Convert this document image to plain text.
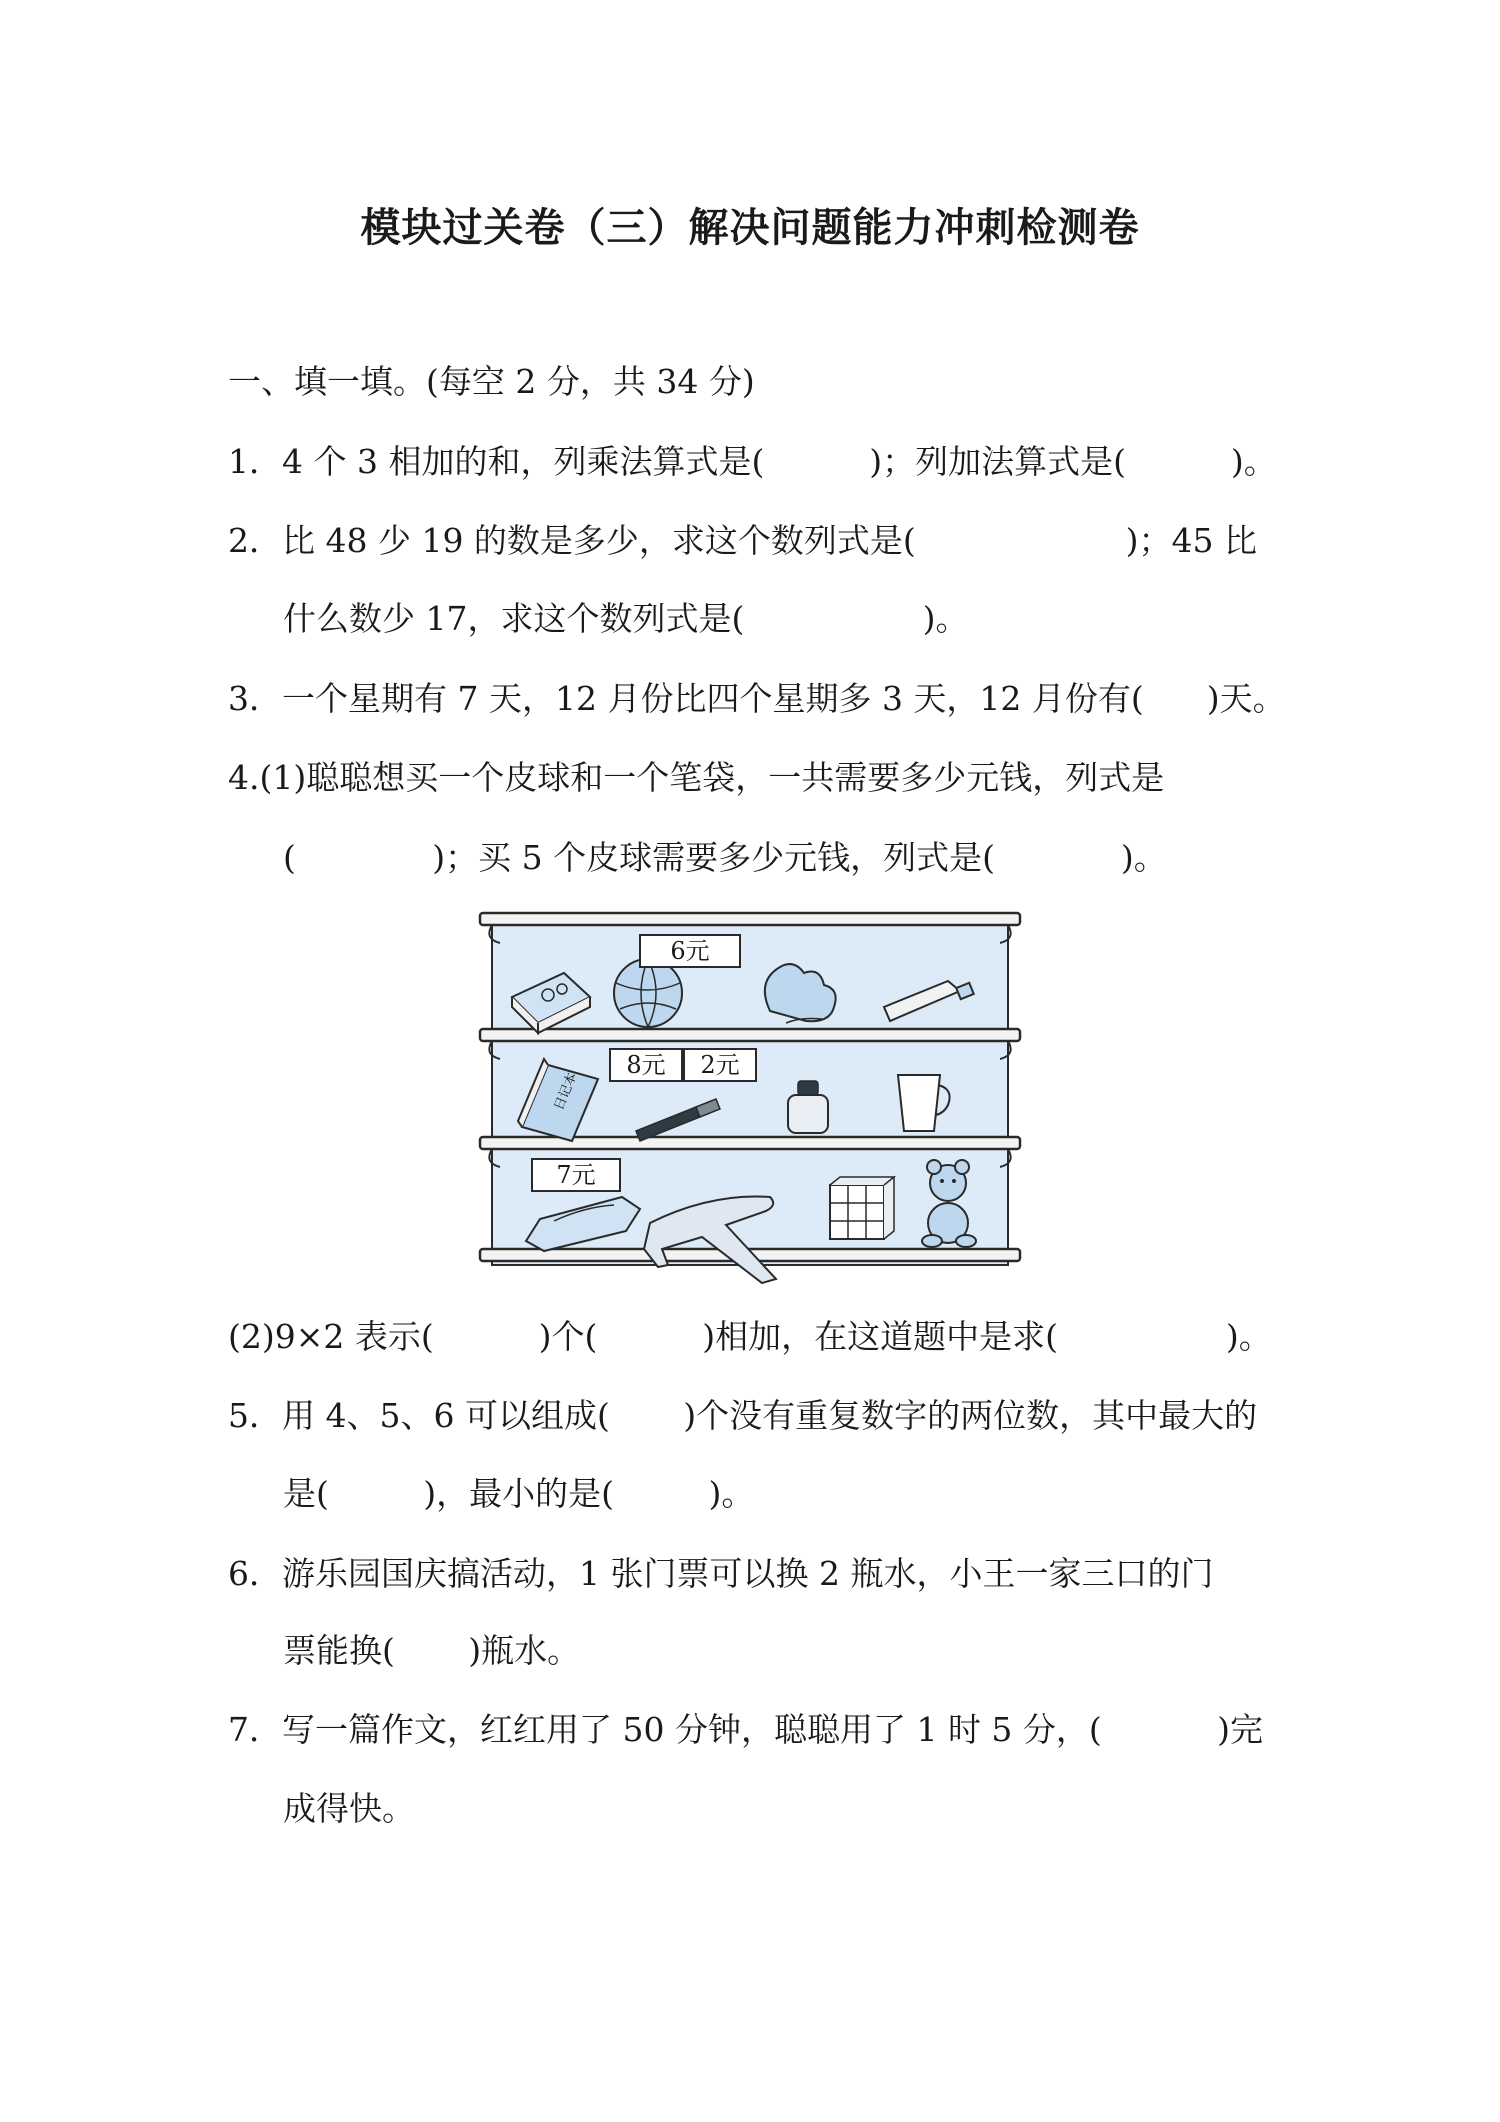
模块过关卷（三）解决问题能力冲刺检测卷
一、填一填。(每空 2 分，共 34 分)
1．4 个 3 相加的和，列乘法算式是(          )；列加法算式是(          )。
2．比 48 少 19 的数是多少，求这个数列式是(                    )；45 比
什么数少 17，求这个数列式是(                 )。
3．一个星期有 7 天，12 月份比四个星期多 3 天，12 月份有(      )天。
4.(1)聪聪想买一个皮球和一个笔袋，一共需要多少元钱，列式是
(             )；买 5 个皮球需要多少元钱，列式是(            )。
6元
日记本
8元 2元
7元
(2)9×2 表示(          )个(          )相加，在这道题中是求(                )。
5．用 4、5、6 可以组成(       )个没有重复数字的两位数，其中最大的
是(         )，最小的是(         )。
6．游乐园国庆搞活动，1 张门票可以换 2 瓶水，小王一家三口的门
票能换(       )瓶水。
7．写一篇作文，红红用了 50 分钟，聪聪用了 1 时 5 分，(           )完
成得快。
